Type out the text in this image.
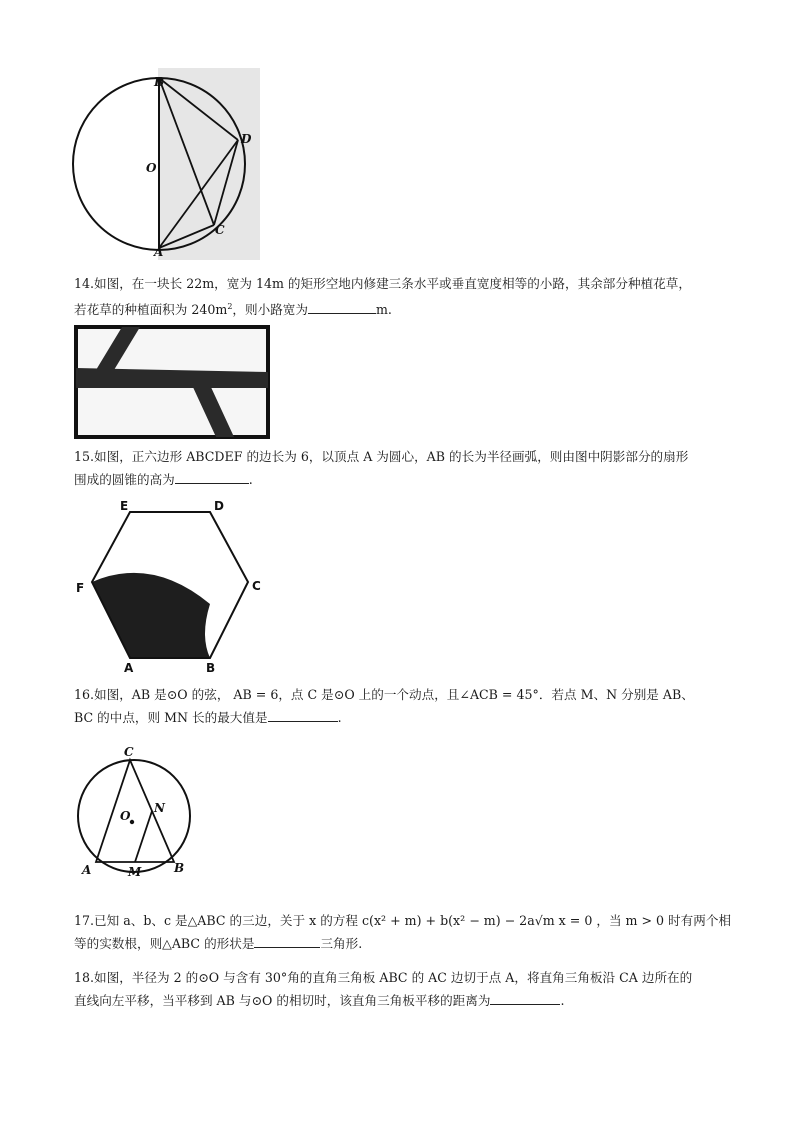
B
O
D
C
A

14.如图，在一块长 22m，宽为 14m 的矩形空地内修建三条水平或垂直宽度相等的小路，其余部分种植花草，
若花草的种植面积为 $240m^2$，则小路宽为	m.

15.如图，正六边形 ABCDEF 的边长为 6，以顶点 A 为圆心，AB 的长为半径画弧，则由图中阴影部分的扇形
围成的圆锥的高为	.

E	D
F	C
A	B

16.如图，AB 是⊙O 的弦， AB = 6，点 C 是⊙O 上的一个动点，且∠ACB = 45°．若点 M、N 分别是 AB、
BC 的中点，则 MN 长的最大值是	.

C
O
N
A	M	B

17.已知 a、b、c 是△ABC 的三边，关于 x 的方程 c(x² + m) + b(x² − m) − 2a√m x = 0 ，当 m > 0 时有两个相
等的实数根，则△ABC 的形状是	三角形.

18.如图，半径为 2 的⊙O 与含有 30°角的直角三角板 ABC 的 AC 边切于点 A，将直角三角板沿 CA 边所在的
直线向左平移，当平移到 AB 与⊙O 的相切时，该直角三角板平移的距离为	.
